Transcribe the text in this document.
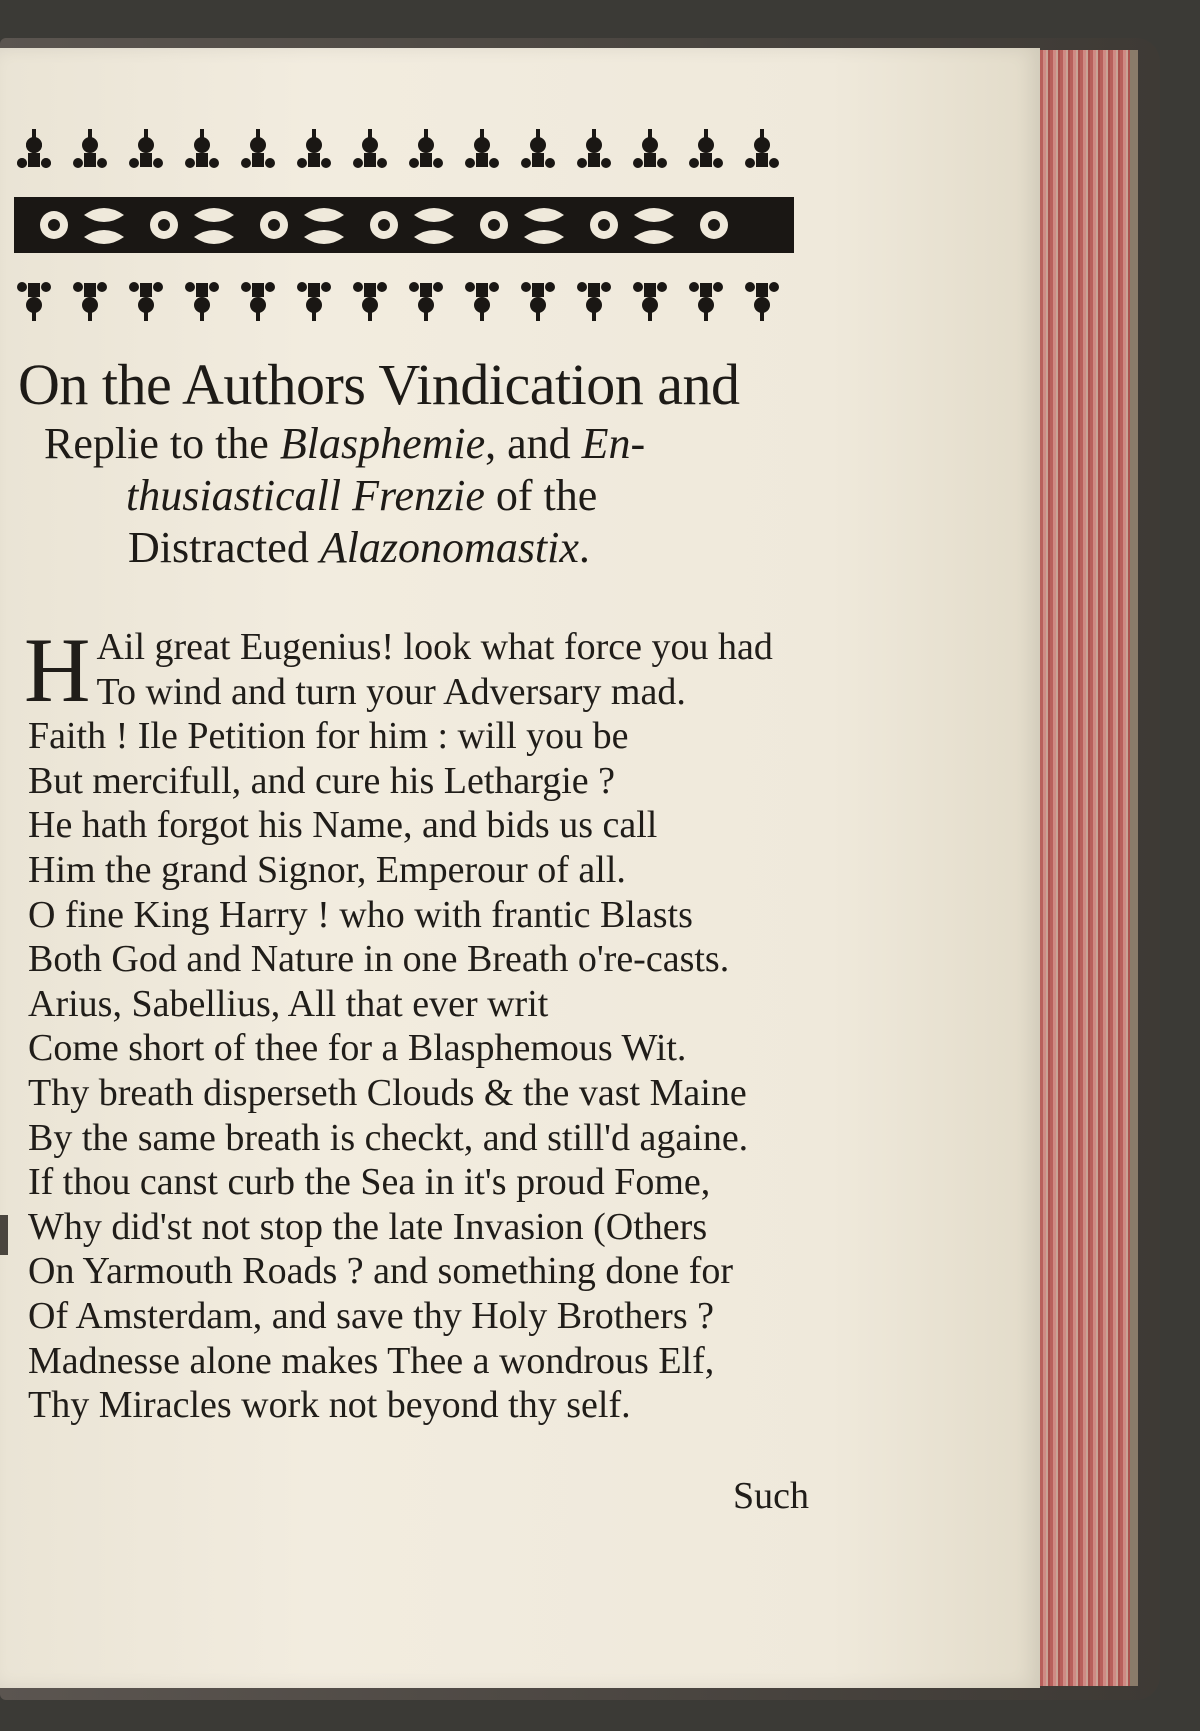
On the Authors Vindication and

Replie to the Blasphemie, and En-

thusiasticall Frenzie of the

Distracted Alazonomastix.

H Ail great Eugenius! look what force you had
To wind and turn your Adversary mad.
Faith ! Ile Petition for him : will you be
But mercifull, and cure his Lethargie ?
He hath forgot his Name, and bids us call
Him the grand Signor, Emperour of all.
O fine King Harry ! who with frantic Blasts
Both God and Nature in one Breath o're-casts.
Arius, Sabellius, All that ever writ
Come short of thee for a Blasphemous Wit.
Thy breath dispersеth Clouds & the vast Maine
By the same breath is checkt, and still'd againe.
If thou canst curb the Sea in it's proud Fome,
Why did'st not stop the late Invasion (Others
On Yarmouth Roads ? and something done for
Of Amsterdam, and save thy Holy Brothers ?
Madnesse alone makes Thee a wondrous Elf,
Thy Miracles work not beyond thy self.
Such
